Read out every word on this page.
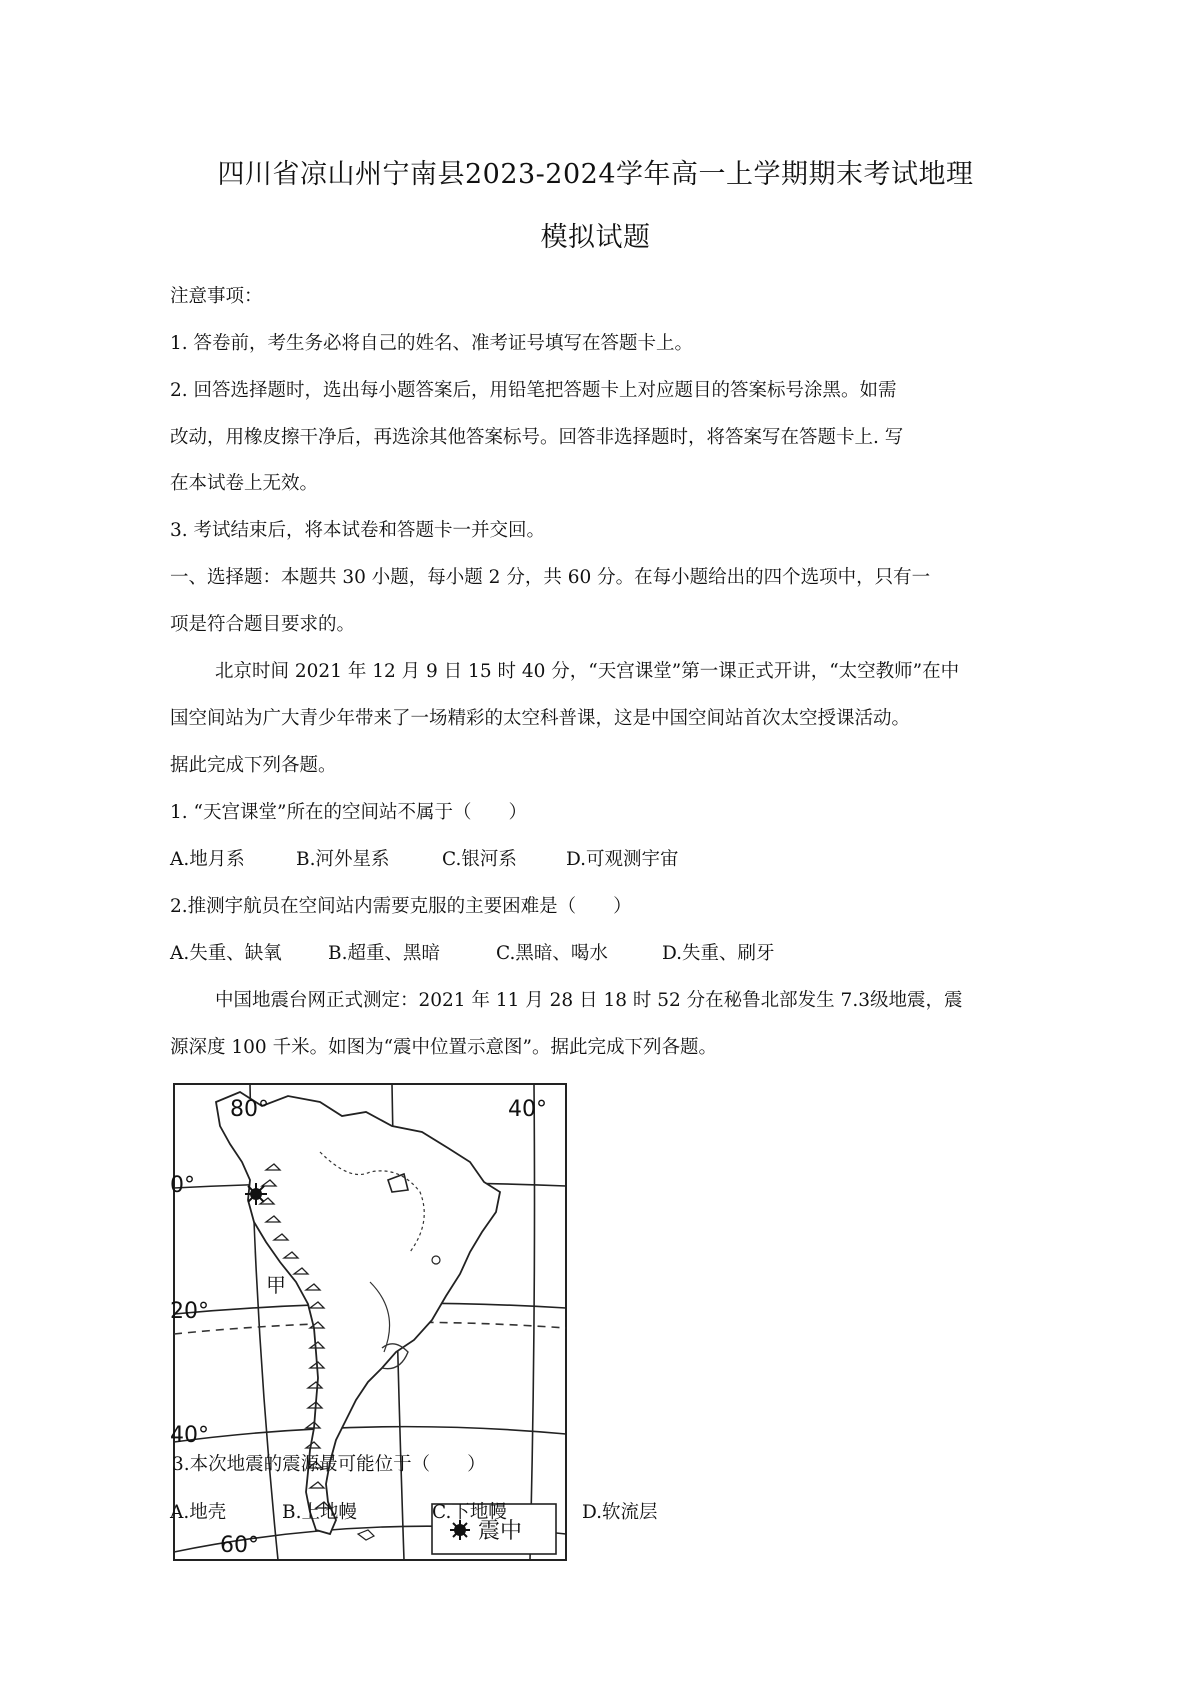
四川省凉山州宁南县2023-2024学年高一上学期期末考试地理
模拟试题
注意事项：
1. 答卷前，考生务必将自己的姓名、准考证号填写在答题卡上。
2. 回答选择题时，选出每小题答案后，用铅笔把答题卡上对应题目的答案标号涂黑。如需
改动，用橡皮擦干净后，再选涂其他答案标号。回答非选择题时，将答案写在答题卡上. 写
在本试卷上无效。
3. 考试结束后，将本试卷和答题卡一并交回。
一、选择题：本题共 30 小题，每小题 2 分，共 60 分。在每小题给出的四个选项中，只有一
项是符合题目要求的。
北京时间 2021 年 12 月 9 日 15 时 40 分，“天宫课堂”第一课正式开讲，“太空教师”在中
国空间站为广大青少年带来了一场精彩的太空科普课，这是中国空间站首次太空授课活动。
据此完成下列各题。
1. “天宫课堂”所在的空间站不属于（　　）
A.地月系	B.河外星系	C.银河系	D.可观测宇宙
2.推测宇航员在空间站内需要克服的主要困难是（　　）
A.失重、缺氧	B.超重、黑暗	C.黑暗、喝水	D.失重、刷牙
中国地震台网正式测定：2021 年 11 月 28 日 18 时 52 分在秘鲁北部发生 7.3级地震，震
源深度 100 千米。如图为“震中位置示意图”。据此完成下列各题。
80°	40°
0°
20°
40°
60°
甲
震中
3.本次地震的震源最可能位于（　　）
A.地壳	B.上地幔	C.下地幔	D.软流层
